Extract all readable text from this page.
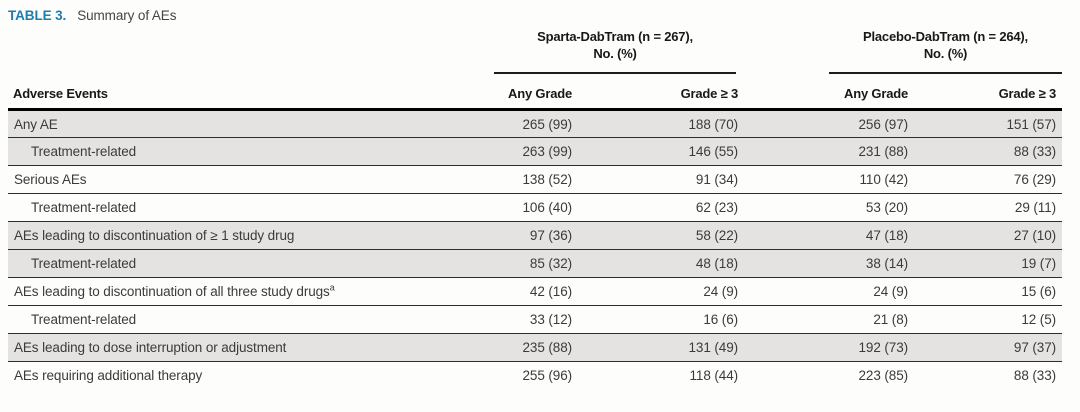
TABLE 3. Summary of AEs

Sparta-DabTram (n = 267),
No. (%)

Placebo-DabTram (n = 264),
No. (%)

Adverse Events	Any Grade	Grade ≥ 3	Any Grade	Grade ≥ 3
Any AE	265 (99)	188 (70)	256 (97)	151 (57)
Treatment-related	263 (99)	146 (55)	231 (88)	88 (33)
Serious AEs	138 (52)	91 (34)	110 (42)	76 (29)
Treatment-related	106 (40)	62 (23)	53 (20)	29 (11)
AEs leading to discontinuation of ≥ 1 study drug	97 (36)	58 (22)	47 (18)	27 (10)
Treatment-related	85 (32)	48 (18)	38 (14)	19 (7)
AEs leading to discontinuation of all three study drugs$^a$	42 (16)	24 (9)	24 (9)	15 (6)
Treatment-related	33 (12)	16 (6)	21 (8)	12 (5)
AEs leading to dose interruption or adjustment	235 (88)	131 (49)	192 (73)	97 (37)
AEs requiring additional therapy	255 (96)	118 (44)	223 (85)	88 (33)
